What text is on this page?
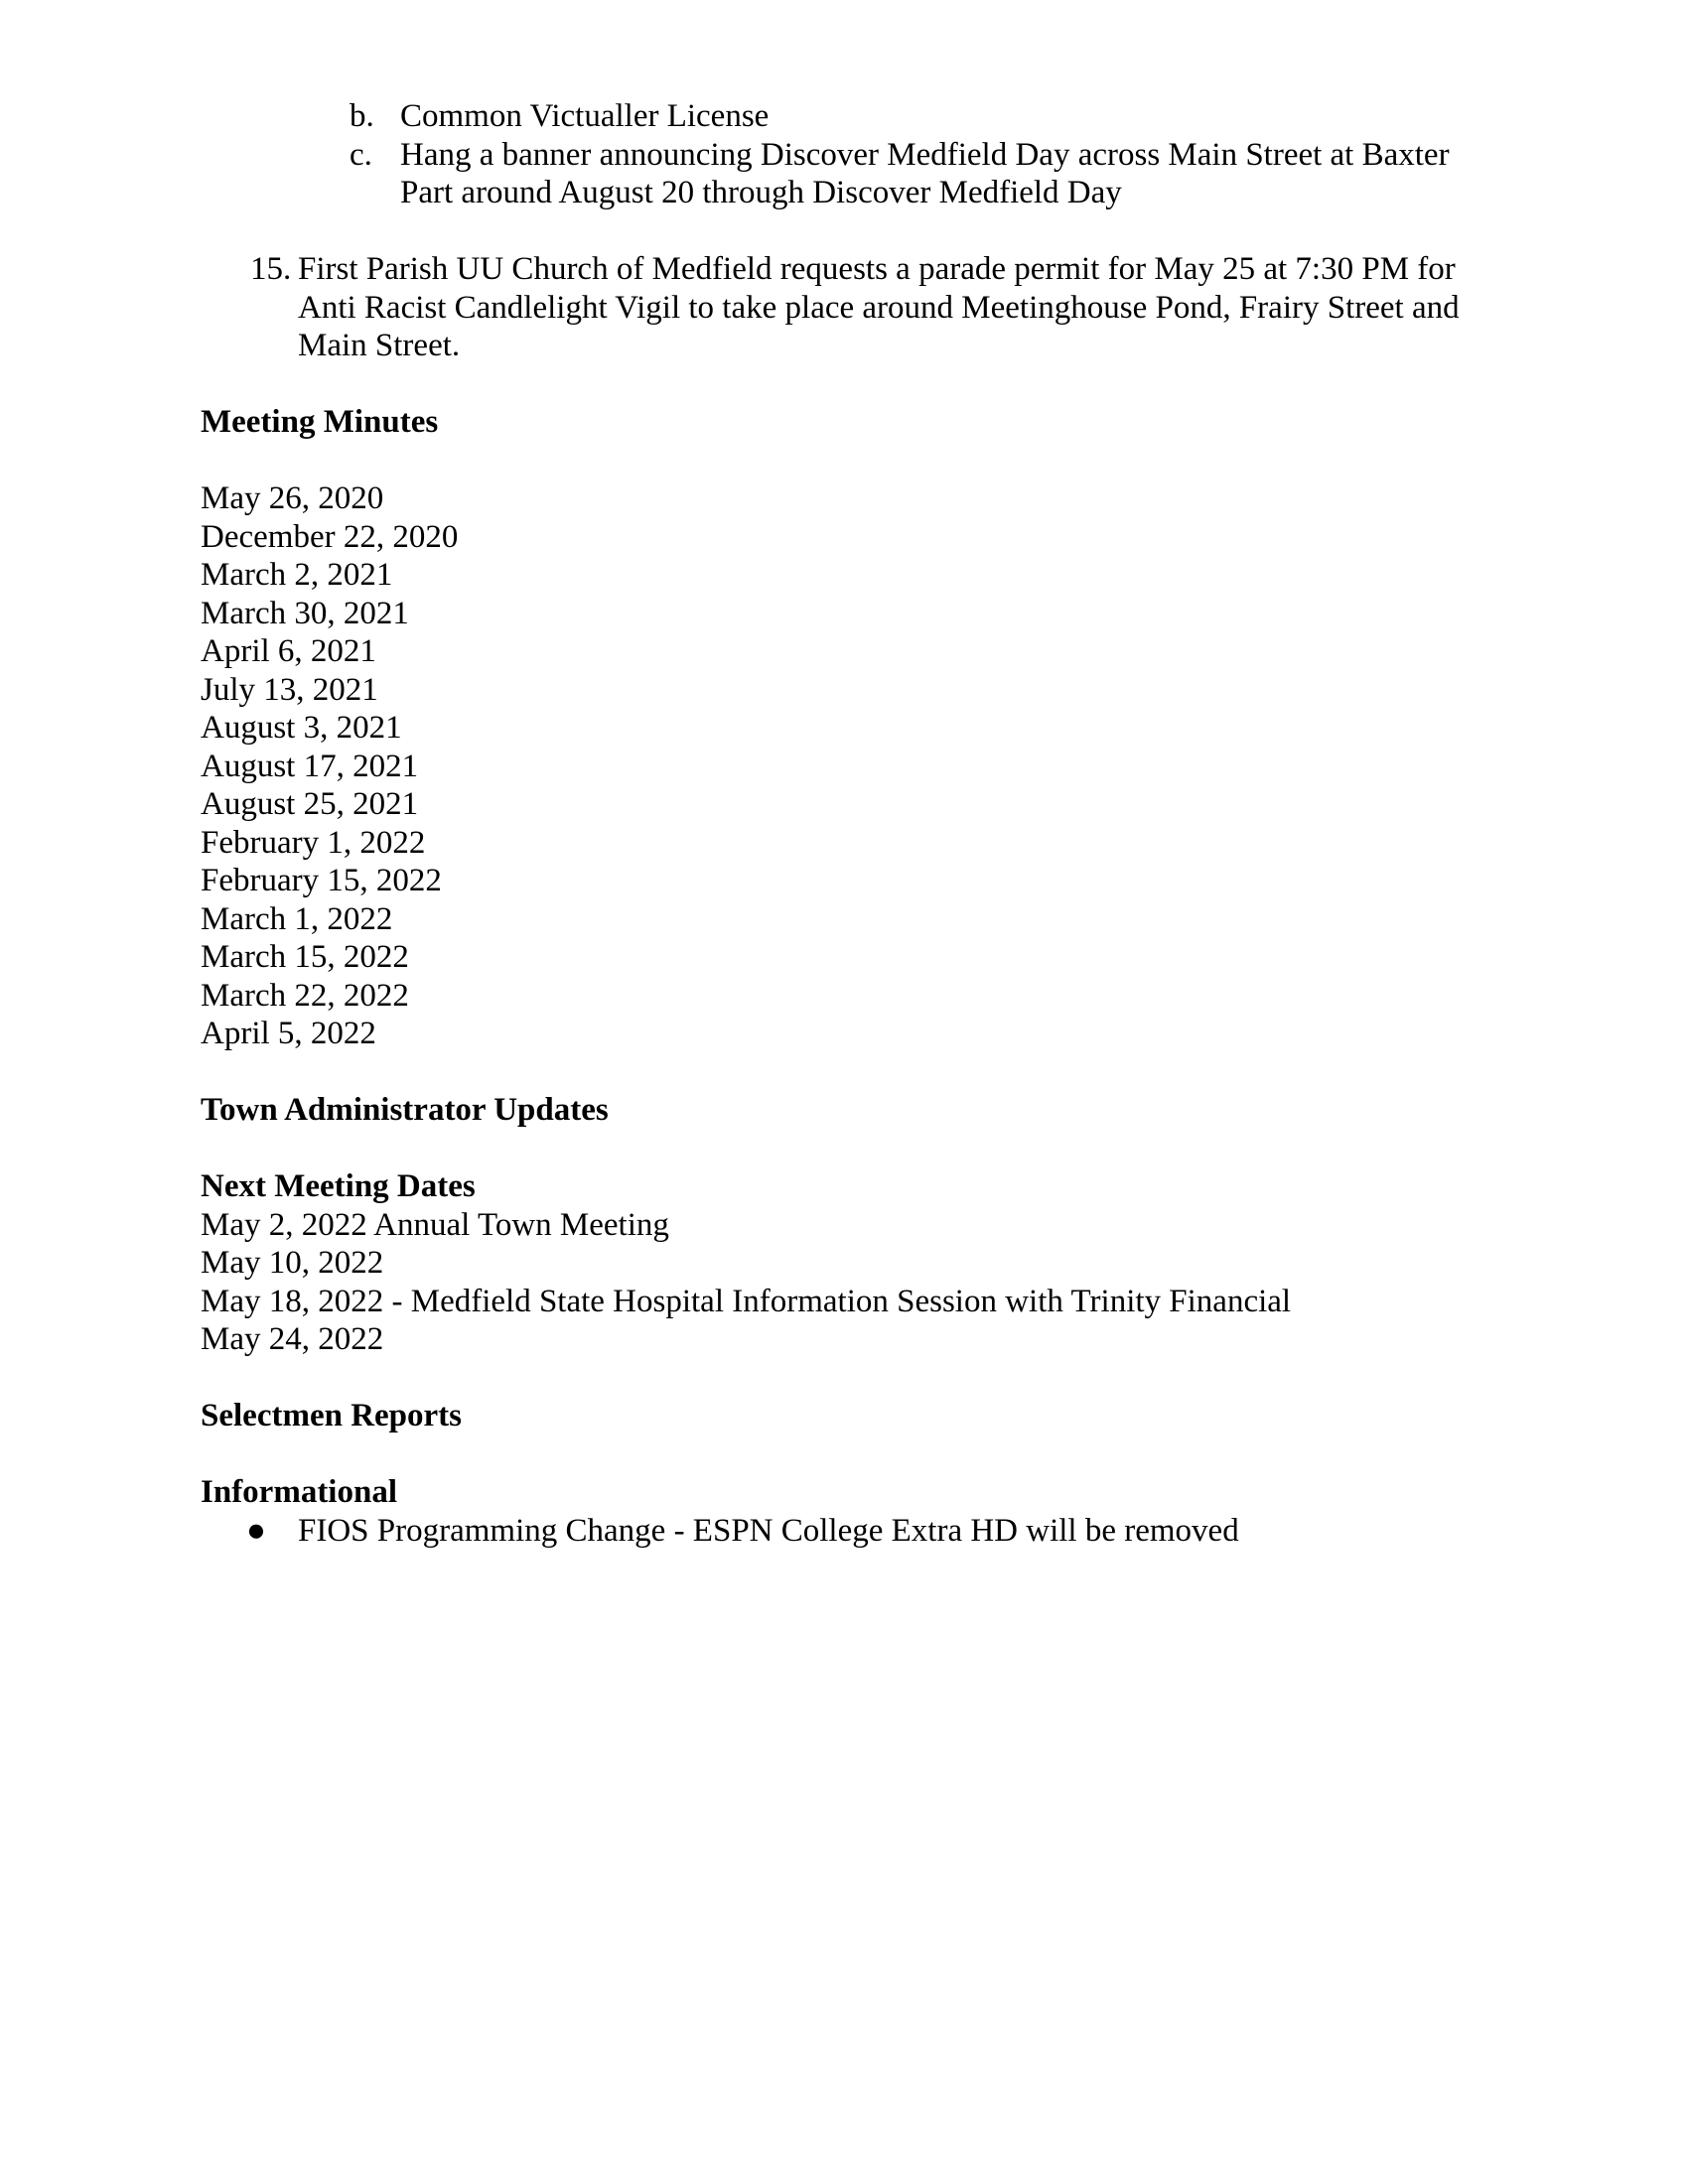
b. Common Victualler License
c. Hang a banner announcing Discover Medfield Day across Main Street at Baxter
Part around August 20 through Discover Medfield Day
15. First Parish UU Church of Medfield requests a parade permit for May 25 at 7:30 PM for
Anti Racist Candlelight Vigil to take place around Meetinghouse Pond, Frairy Street and
Main Street.
Meeting Minutes
May 26, 2020
December 22, 2020
March 2, 2021
March 30, 2021
April 6, 2021
July 13, 2021
August 3, 2021
August 17, 2021
August 25, 2021
February 1, 2022
February 15, 2022
March 1, 2022
March 15, 2022
March 22, 2022
April 5, 2022
Town Administrator Updates
Next Meeting Dates
May 2, 2022 Annual Town Meeting
May 10, 2022
May 18, 2022 - Medfield State Hospital Information Session with Trinity Financial
May 24, 2022
Selectmen Reports
Informational
● FIOS Programming Change - ESPN College Extra HD will be removed
